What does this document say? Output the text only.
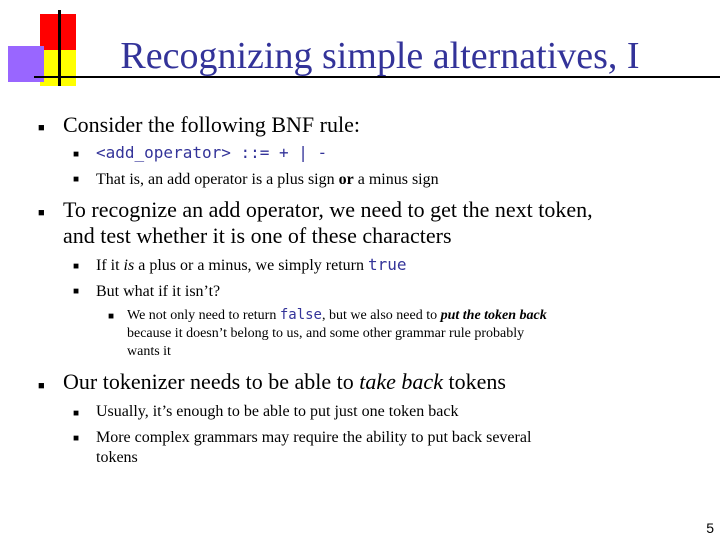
Recognizing simple alternatives, I
■ Consider the following BNF rule:
■ <add_operator> ::= + | -
■ That is, an add operator is a plus sign or a minus sign
■ To recognize an add operator, we need to get the next token,
and test whether it is one of these characters
■ If it is a plus or a minus, we simply return true
■ But what if it isn’t?
■ We not only need to return false, but we also need to put the token back
because it doesn’t belong to us, and some other grammar rule probably
wants it
■ Our tokenizer needs to be able to take back tokens
■ Usually, it’s enough to be able to put just one token back
■ More complex grammars may require the ability to put back several
tokens
5
